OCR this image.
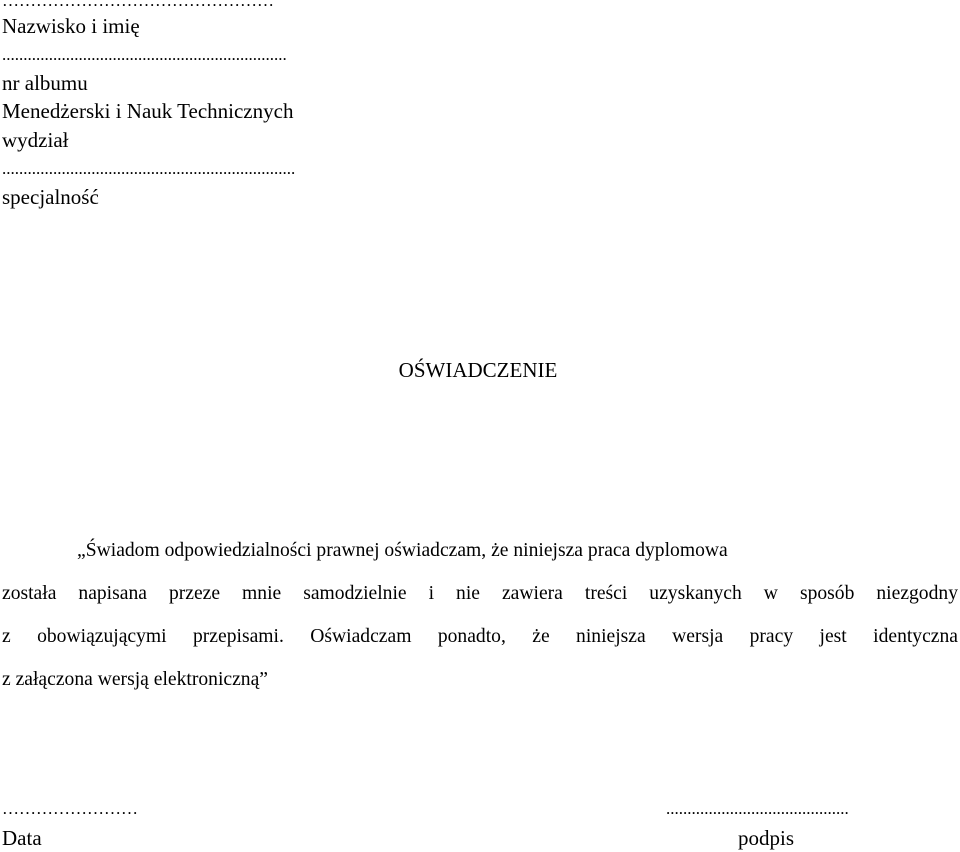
…………………………………………
Nazwisko i imię
...................................................................
nr albumu
Menedżerski i Nauk Technicznych
wydział
.....................................................................
specjalność
OŚWIADCZENIE
„Świadom odpowiedzialności prawnej oświadczam, że niniejsza praca dyplomowa
została napisana przeze mnie samodzielnie i nie zawiera treści uzyskanych w sposób niezgodny
z obowiązującymi przepisami. Oświadczam ponadto, że niniejsza wersja pracy jest identyczna
z załączona wersją elektroniczną”
……………………
Data
...........................................
podpis
